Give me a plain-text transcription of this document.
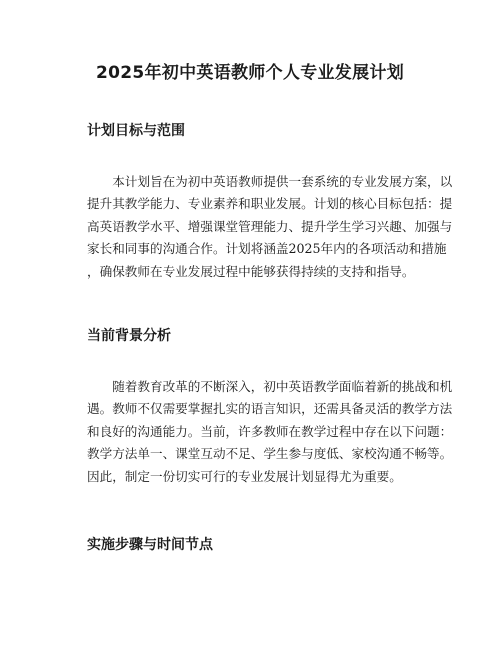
2025年初中英语教师个人专业发展计划
计划目标与范围

　　本计划旨在为初中英语教师提供一套系统的专业发展方案，以
提升其教学能力、专业素养和职业发展。计划的核心目标包括：提
高英语教学水平、增强课堂管理能力、提升学生学习兴趣、加强与
家长和同事的沟通合作。计划将涵盖2025年内的各项活动和措施
，确保教师在专业发展过程中能够获得持续的支持和指导。

当前背景分析

　　随着教育改革的不断深入，初中英语教学面临着新的挑战和机
遇。教师不仅需要掌握扎实的语言知识，还需具备灵活的教学方法
和良好的沟通能力。当前，许多教师在教学过程中存在以下问题：
教学方法单一、课堂互动不足、学生参与度低、家校沟通不畅等。
因此，制定一份切实可行的专业发展计划显得尤为重要。

实施步骤与时间节点
